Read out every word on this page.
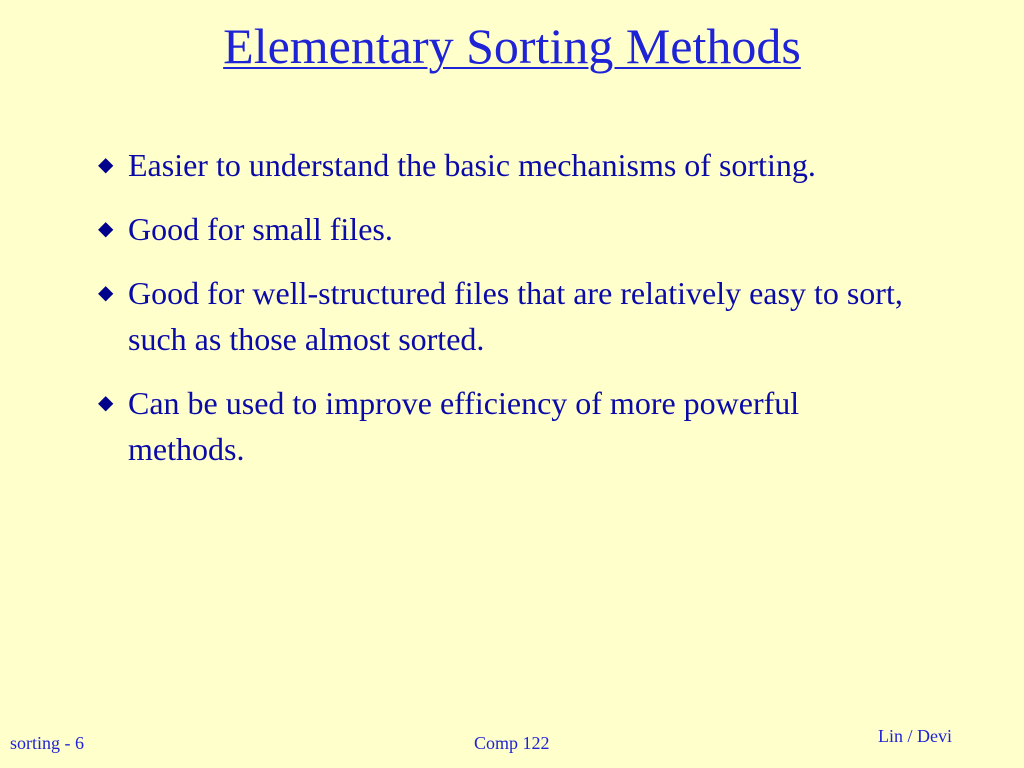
Elementary Sorting Methods
◆ Easier to understand the basic mechanisms of sorting.
◆ Good for small files.
◆ Good for well-structured files that are relatively easy to sort, such as those almost sorted.
◆ Can be used to improve efficiency of more powerful methods.
sorting - 6	Comp 122	Lin / Devi
